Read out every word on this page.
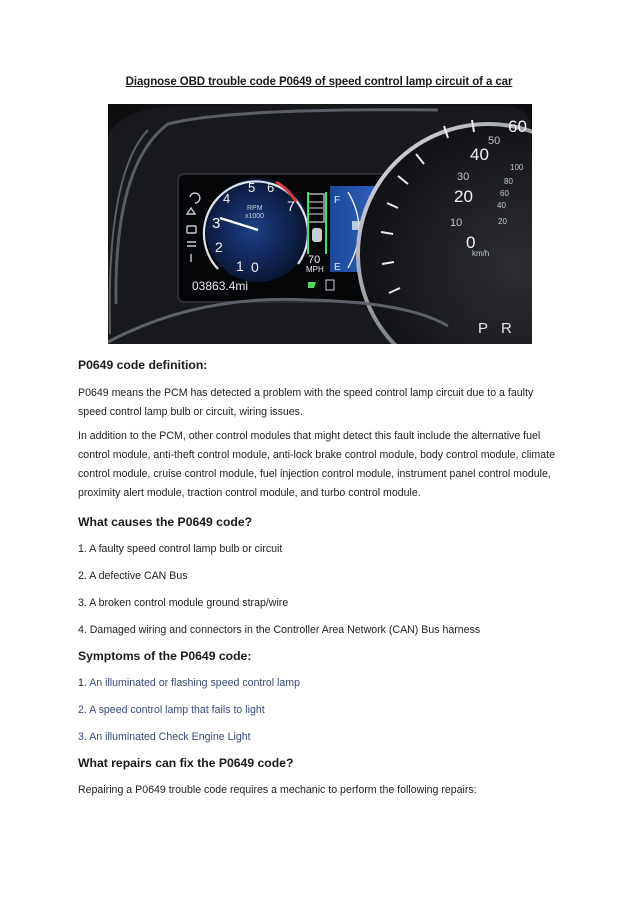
Diagnose OBD trouble code P0649 of speed control lamp circuit of a car
1
2
3
4
5 6
7
RPM
x1000
0	70
MPH
F
E
03863.4mi
0
10
20
30
40
50
60
20
40
60
80
100
km/h
P R
P0649 code definition:

P0649 means the PCM has detected a problem with the speed control lamp circuit due to a faulty speed control lamp bulb or circuit, wiring issues.

In addition to the PCM, other control modules that might detect this fault include the alternative fuel control module, anti-theft control module, anti-lock brake control module, body control module, climate control module, cruise control module, fuel injection control module, instrument panel control module, proximity alert module, traction control module, and turbo control module.

What causes the P0649 code?

1. A faulty speed control lamp bulb or circuit

2. A defective CAN Bus

3. A broken control module ground strap/wire

4. Damaged wiring and connectors in the Controller Area Network (CAN) Bus harness

Symptoms of the P0649 code:

1. An illuminated or flashing speed control lamp

2. A speed control lamp that fails to light

3. An illuminated Check Engine Light

What repairs can fix the P0649 code?

Repairing a P0649 trouble code requires a mechanic to perform the following repairs:
